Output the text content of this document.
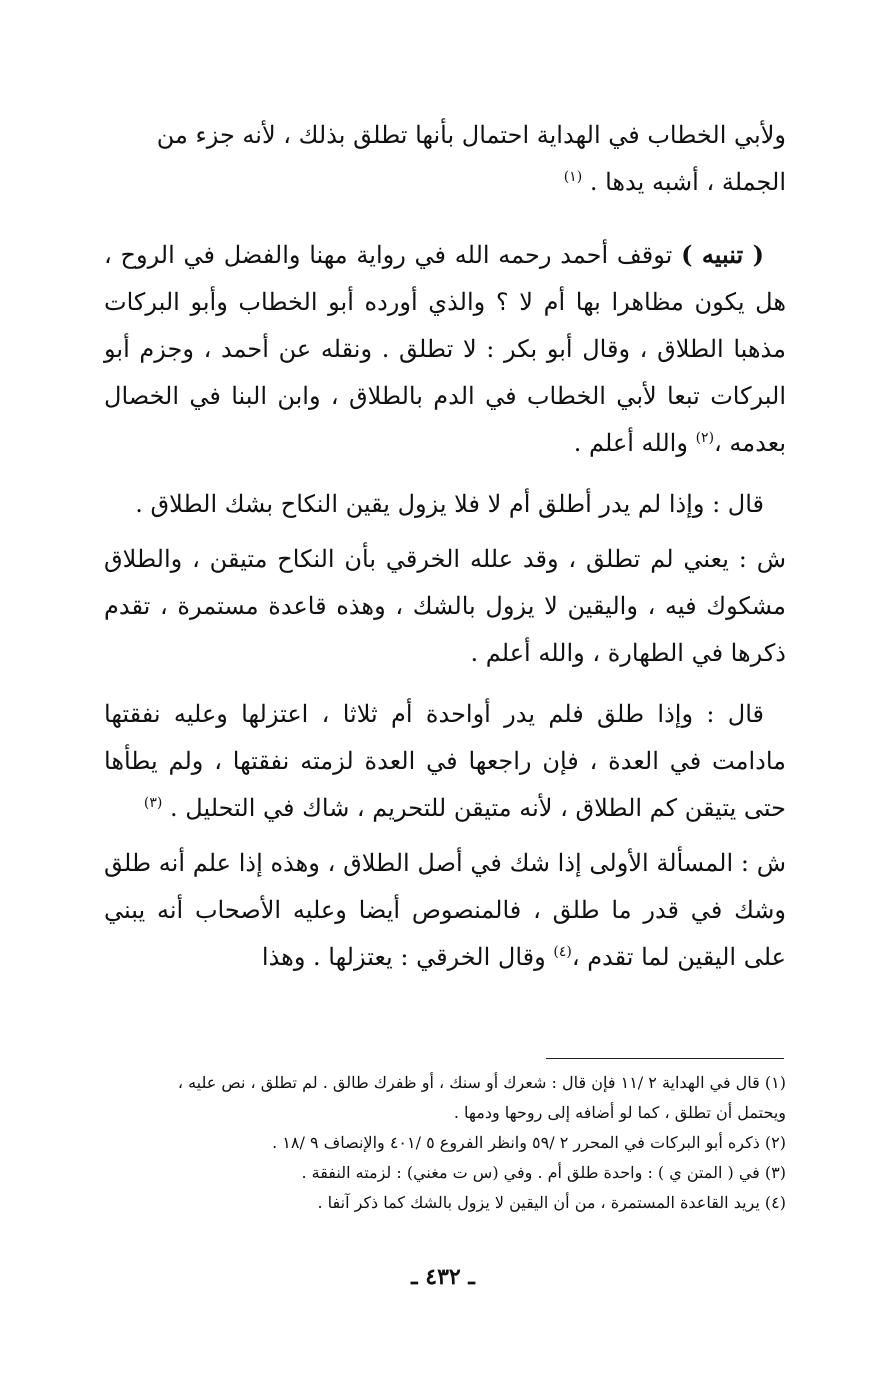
ولأبي الخطاب في الهداية احتمال بأنها تطلق بذلك ، لأنه جزء من
الجملة ، أشبه يدها . $^{(١)}$

( تنبيه ) توقف أحمد رحمه الله في رواية مهنا والفضل في الروح ، هل يكون مظاهرا بها أم لا ؟ والذي أورده أبو الخطاب وأبو البركات مذهبا الطلاق ، وقال أبو بكر : لا تطلق . ونقله عن أحمد ، وجزم أبو البركات تبعا لأبي الخطاب في الدم بالطلاق ، وابن البنا في الخصال بعدمه ،$^{(٢)}$ والله أعلم .

قال : وإذا لم يدر أطلق أم لا فلا يزول يقين النكاح بشك الطلاق .

ش : يعني لم تطلق ، وقد علله الخرقي بأن النكاح متيقن ، والطلاق مشكوك فيه ، واليقين لا يزول بالشك ، وهذه قاعدة مستمرة ، تقدم ذكرها في الطهارة ، والله أعلم .

قال : وإذا طلق فلم يدر أواحدة أم ثلاثا ، اعتزلها وعليه نفقتها مادامت في العدة ، فإن راجعها في العدة لزمته نفقتها ، ولم يطأها حتى يتيقن كم الطلاق ، لأنه متيقن للتحريم ، شاك في التحليل . $^{(٣)}$

ش : المسألة الأولى إذا شك في أصل الطلاق ، وهذه إذا علم أنه طلق وشك في قدر ما طلق ، فالمنصوص أيضا وعليه الأصحاب أنه يبني على اليقين لما تقدم ،$^{(٤)}$ وقال الخرقي : يعتزلها . وهذا

(١) قال في الهداية ٢ /١١ فإن قال : شعرك أو سنك ، أو ظفرك طالق . لم تطلق ، نص عليه ،
ويحتمل أن تطلق ، كما لو أضافه إلى روحها ودمها .

(٢) ذكره أبو البركات في المحرر ٢ /٥٩ وانظر الفروع ٥ /٤٠١ والإنصاف ٩ /١٨ .

(٣) في ( المتن ي ) : واحدة طلق أم . وفي (س ت مغني) : لزمته النفقة .

(٤) يريد القاعدة المستمرة ، من أن اليقين لا يزول بالشك كما ذكر آنفا .

ـ ٤٣٢ ـ
